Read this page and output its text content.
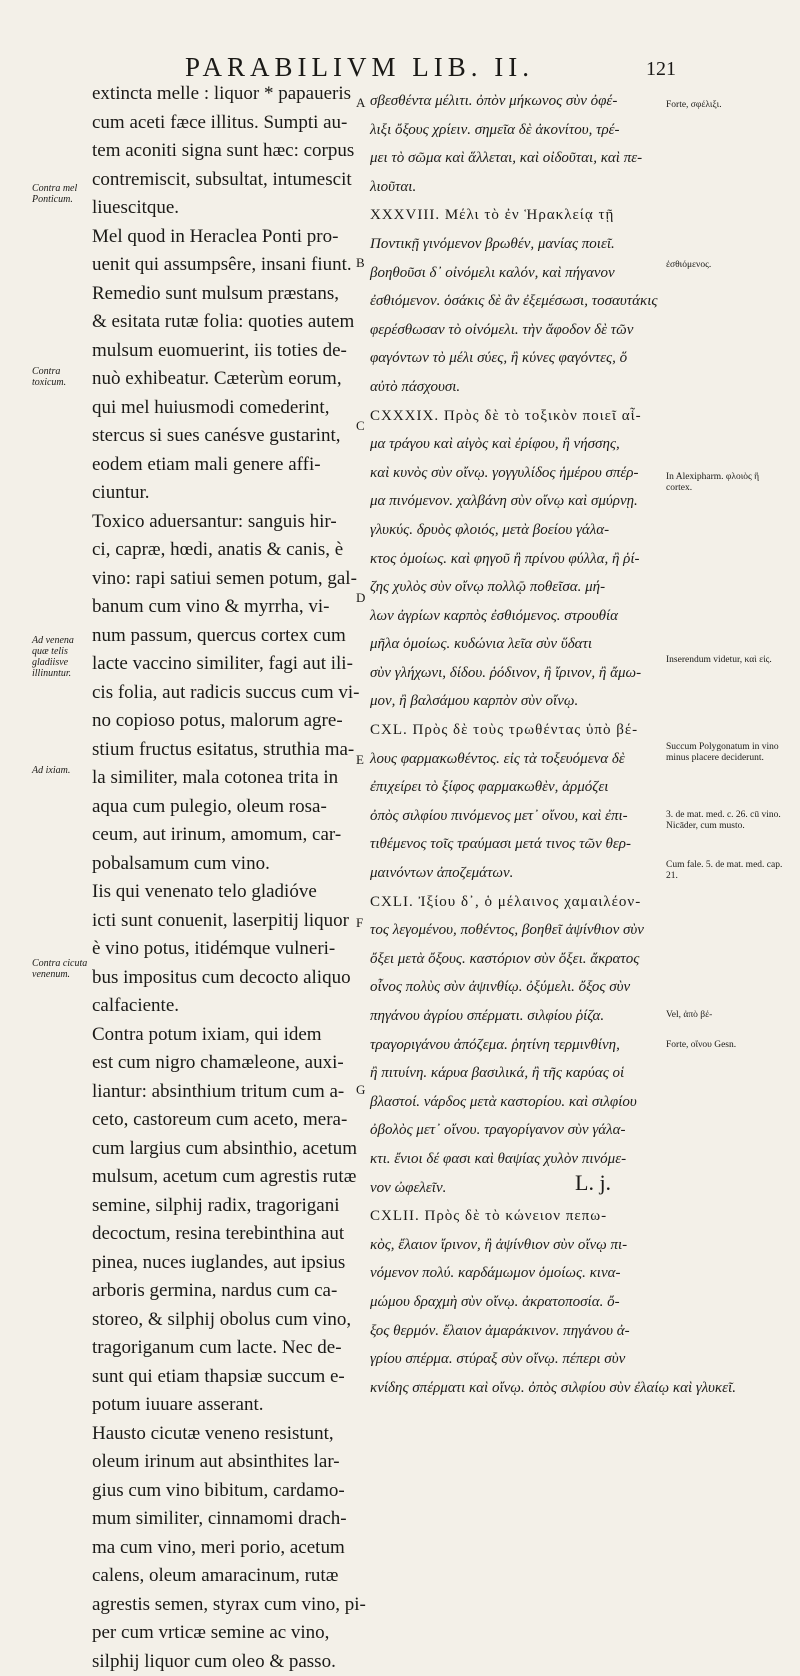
PARABILIVM LIB. II.	121
extincta melle : liquor * papaueris
cum aceti fæce illitus. Sumpti au-
tem aconiti signa sunt hæc: corpus
contremiscit, subsultat, intumescit
liuescitque.
Mel quod in Heraclea Ponti pro-
uenit qui assumpsêre, insani fiunt.
Remedio sunt mulsum præstans,
& esitata rutæ folia: quoties autem
mulsum euomuerint, iis toties de-
nuò exhibeatur. Cæterùm eorum,
qui mel huiusmodi comederint,
stercus si sues canésve gustarint,
eodem etiam mali genere affi-
ciuntur.
Toxico aduersantur: sanguis hir-
ci, capræ, hœdi, anatis & canis, è
vino: rapi satiui semen potum, gal-
banum cum vino & myrrha, vi-
num passum, quercus cortex cum
lacte vaccino similiter, fagi aut ili-
cis folia, aut radicis succus cum vi-
no copioso potus, malorum agre-
stium fructus esitatus, struthia ma-
la similiter, mala cotonea trita in
aqua cum pulegio, oleum rosa-
ceum, aut irinum, amomum, car-
pobalsamum cum vino.
Iis qui venenato telo gladióve
icti sunt conuenit, laserpitij liquor
è vino potus, itidémque vulneri-
bus impositus cum decocto aliquo
calfaciente.
Contra potum ixiam, qui idem
est cum nigro chamæleone, auxi-
liantur: absinthium tritum cum a-
ceto, castoreum cum aceto, mera-
cum largius cum absinthio, acetum
mulsum, acetum cum agrestis rutæ
semine, silphij radix, tragorigani
decoctum, resina terebinthina aut
pinea, nuces iuglandes, aut ipsius
arboris germina, nardus cum ca-
storeo, & silphij obolus cum vino,
tragoriganum cum lacte. Nec de-
sunt qui etiam thapsiæ succum e-
potum iuuare asserant.
Hausto cicutæ veneno resistunt,
oleum irinum aut absinthites lar-
gius cum vino bibitum, cardamo-
mum similiter, cinnamomi drach-
ma cum vino, meri porio, acetum
calens, oleum amaracinum, rutæ
agrestis semen, styrax cum vino, pi-
per cum vrticæ semine ac vino,
silphij liquor cum oleo & passo.
σβεσθέντα μέλιτι. ὀπὸν μήκωνος σὺν ὀφέ-
λιξι ὄξους χρίειν. σημεῖα δὲ ἀκονίτου, τρέ-
μει τὸ σῶμα καὶ ἅλλεται, καὶ οἰδοῦται, καὶ πε-
λιοῦται.
XXXVIII. Μέλι τὸ ἐν Ἡρακλείᾳ τῇ
Ποντικῇ γινόμενον βρωθέν, μανίας ποιεῖ.
βοηθοῦσι δ᾽ οἰνόμελι καλόν, καὶ πήγανον
ἐσθιόμενον. ὁσάκις δὲ ἂν ἐξεμέσωσι, τοσαυτάκις
φερέσθωσαν τὸ οἰνόμελι. τὴν ἄφοδον δὲ τῶν
φαγόντων τὸ μέλι σύες, ἢ κύνες φαγόντες, ὅ
αὐτὸ πάσχουσι.
CXXXIX. Πρὸς δὲ τὸ τοξικὸν ποιεῖ αἷ-
μα τράγου καὶ αἰγὸς καὶ ἐρίφου, ἢ νήσσης,
καὶ κυνὸς σὺν οἴνῳ. γογγυλίδος ἡμέρου σπέρ-
μα πινόμενον. χαλβάνη σὺν οἴνῳ καὶ σμύρνῃ.
γλυκύς. δρυὸς φλοιός, μετὰ βοείου γάλα-
κτος ὁμοίως. καὶ φηγοῦ ἢ πρίνου φύλλα, ἢ ῥί-
ζης χυλὸς σὺν οἴνῳ πολλῷ ποθεῖσα. μή-
λων ἀγρίων καρπὸς ἐσθιόμενος. στρουθία
μῆλα ὁμοίως. κυδώνια λεῖα σὺν ὕδατι
σὺν γλήχωνι, δίδου. ῥόδινον, ἢ ἴρινον, ἢ ἄμω-
μον, ἢ βαλσάμου καρπὸν σὺν οἴνῳ.
CXL. Πρὸς δὲ τοὺς τρωθέντας ὑπὸ βέ-
λους φαρμακωθέντος. εἰς τὰ τοξευόμενα δὲ
ἐπιχείρει τὸ ξίφος φαρμακωθὲν, ἁρμόζει
ὀπὸς σιλφίου πινόμενος μετ᾽ οἴνου, καὶ ἐπι-
τιθέμενος τοῖς τραύμασι μετά τινος τῶν θερ-
μαινόντων ἀποζεμάτων.
CXLI. Ἰξίου δ᾽, ὁ μέλαινος χαμαιλέον-
τος λεγομένου, ποθέντος, βοηθεῖ ἀψίνθιον σὺν
ὄξει μετὰ ὄξους. καστόριον σὺν ὄξει. ἄκρατος
οἶνος πολὺς σὺν ἀψινθίῳ. ὀξύμελι. ὄξος σὺν
πηγάνου ἀγρίου σπέρματι. σιλφίου ῥίζα.
τραγοριγάνου ἀπόζεμα. ῥητίνη τερμινθίνη,
ἢ πιτυίνη. κάρυα βασιλικά, ἢ τῆς καρύας οἱ
βλαστοί. νάρδος μετὰ καστορίου. καὶ σιλφίου
ὀβολὸς μετ᾽ οἴνου. τραγορίγανον σὺν γάλα-
κτι. ἔνιοι δέ φασι καὶ θαψίας χυλὸν πινόμε-
νον ὠφελεῖν.
CXLII. Πρὸς δὲ τὸ κώνειον πεπω-
κὸς, ἔλαιον ἴρινον, ἢ ἀψίνθιον σὺν οἴνῳ πι-
νόμενον πολύ. καρδάμωμον ὁμοίως. κινα-
μώμου δραχμὴ σὺν οἴνῳ. ἀκρατοποσία. ὄ-
ξος θερμόν. ἔλαιον ἀμαράκινον. πηγάνου ἀ-
γρίου σπέρμα. στύραξ σὺν οἴνῳ. πέπερι σὺν
κνίδης σπέρματι καὶ οἴνῳ. ὀπὸς σιλφίου σὺν ἐλαίῳ καὶ γλυκεῖ.
A
B
C
D
E
F
G
Contra mel Ponticum.
Contra toxicum.
Ad venena quæ telis gladiisve illinuntur.
Ad ixiam.
Contra cicuta venenum.
Forte, σφέλιξι.
ἐσθιόμενος.
In Alexipharm. φλοιὸς ἢ cortex.
Inserendum videtur, καὶ εἰς.
Succum Polygonatum in vino minus placere deciderunt.
3. de mat. med. c. 26. cū vino. Nicāder, cum musto.
Cum fale. 5. de mat. med. cap. 21.
Vel, ἀπὸ βέ-
Forte, οἴνου Gesn.
L. j.
